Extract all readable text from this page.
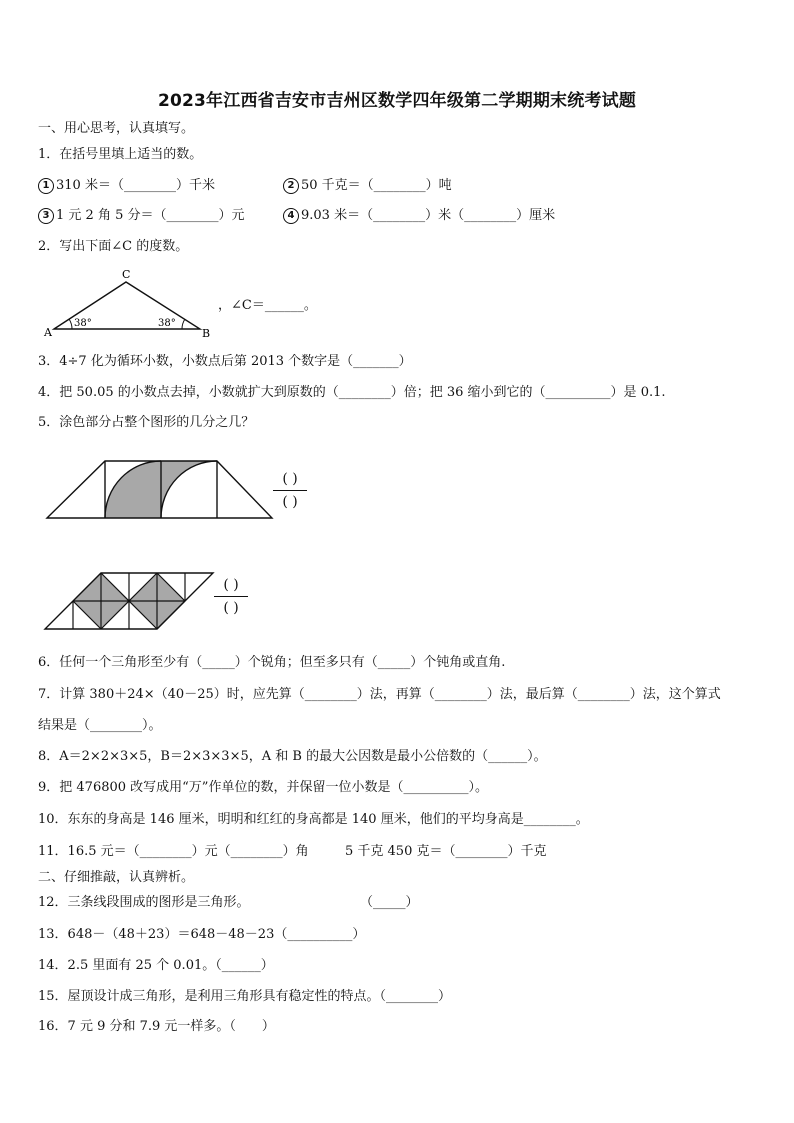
2023年江西省吉安市吉州区数学四年级第二学期期末统考试题
一、用心思考，认真填写。
1．在括号里填上适当的数。
1 310 米＝（________）千米	2 50 千克＝（________）吨
3 1 元 2 角 5 分＝（________）元	4 9.03 米＝（________）米（________）厘米
2．写出下面∠C 的度数。
C
A	B
38°	38°
，∠C＝______。
3．4÷7 化为循环小数，小数点后第 2013 个数字是（_______）
4．把 50.05 的小数点去掉，小数就扩大到原数的（________）倍；把 36 缩小到它的（__________）是 0.1.
5．涂色部分占整个图形的几分之几？
( )
( )
( )
( )
6．任何一个三角形至少有（_____）个锐角；但至多只有（_____）个钝角或直角.
7．计算 380＋24×（40－25）时，应先算（________）法，再算（________）法，最后算（________）法，这个算式
结果是（________）。
8．A＝2×2×3×5，B＝2×3×3×5，A 和 B 的最大公因数是最小公倍数的（______）。
9．把 476800 改写成用“万”作单位的数，并保留一位小数是（__________）。
10．东东的身高是 146 厘米，明明和红红的身高都是 140 厘米，他们的平均身高是________。
11．16.5 元＝（________）元（________）角	5 千克 450 克＝（________）千克
二、仔细推敲，认真辨析。
12．三条线段围成的图形是三角形。	（_____）
13．648－（48＋23）＝648－48－23（__________）
14．2.5 里面有 25 个 0.01。（______）
15．屋顶设计成三角形，是利用三角形具有稳定性的特点。（________）
16．7 元 9 分和 7.9 元一样多。（　　）
